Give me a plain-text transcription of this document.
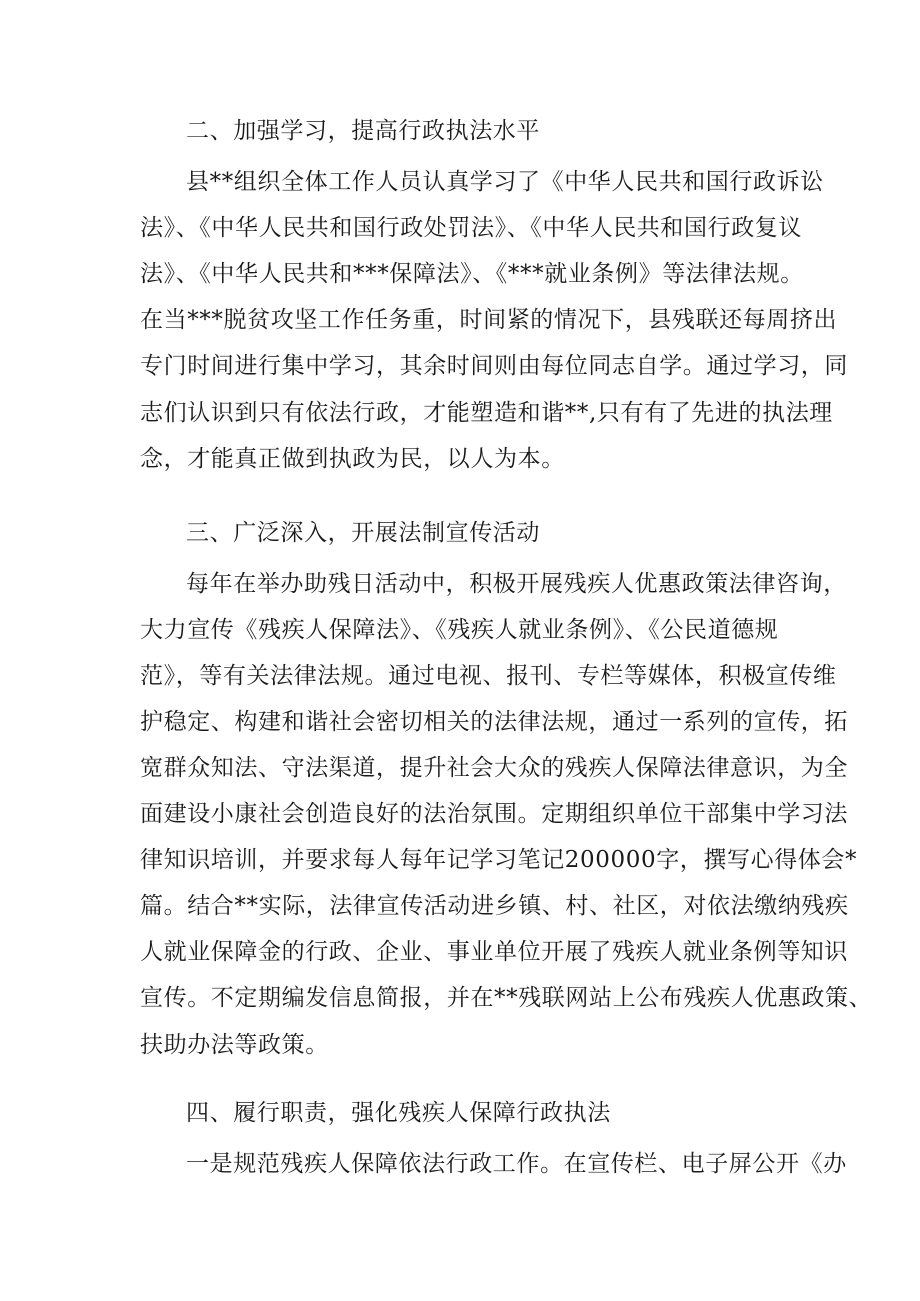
二、加强学习，提高行政执法水平
县**组织全体工作人员认真学习了《中华人民共和国行政诉讼
法》、《中华人民共和国行政处罚法》、《中华人民共和国行政复议
法》、《中华人民共和***保障法》、《***就业条例》等法律法规。
在当***脱贫攻坚工作任务重，时间紧的情况下，县残联还每周挤出
专门时间进行集中学习，其余时间则由每位同志自学。通过学习，同
志们认识到只有依法行政，才能塑造和谐**,只有有了先进的执法理
念，才能真正做到执政为民，以人为本。
三、广泛深入，开展法制宣传活动
每年在举办助残日活动中，积极开展残疾人优惠政策法律咨询，
大力宣传《残疾人保障法》、《残疾人就业条例》、《公民道德规
范》，等有关法律法规。通过电视、报刊、专栏等媒体，积极宣传维
护稳定、构建和谐社会密切相关的法律法规，通过一系列的宣传，拓
宽群众知法、守法渠道，提升社会大众的残疾人保障法律意识，为全
面建设小康社会创造良好的法治氛围。定期组织单位干部集中学习法
律知识培训，并要求每人每年记学习笔记200000字，撰写心得体会*
篇。结合**实际，法律宣传活动进乡镇、村、社区，对依法缴纳残疾
人就业保障金的行政、企业、事业单位开展了残疾人就业条例等知识
宣传。不定期编发信息简报，并在**残联网站上公布残疾人优惠政策、
扶助办法等政策。
四、履行职责，强化残疾人保障行政执法
一是规范残疾人保障依法行政工作。在宣传栏、电子屏公开《办
